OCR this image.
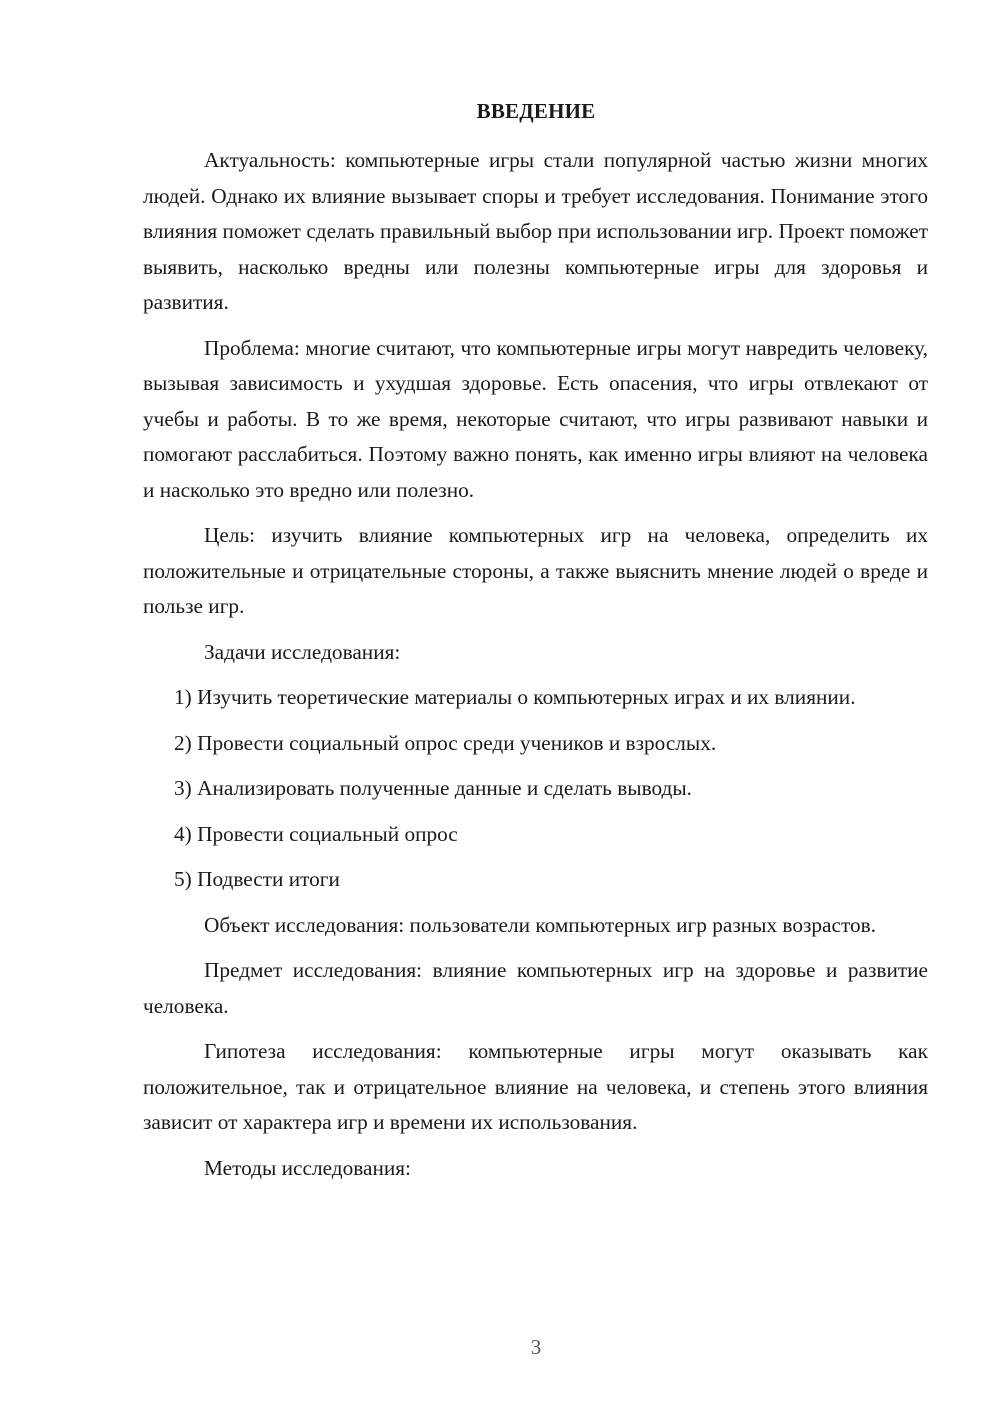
ВВЕДЕНИЕ

Актуальность: компьютерные игры стали популярной частью жизни многих людей. Однако их влияние вызывает споры и требует исследования. Понимание этого влияния поможет сделать правильный выбор при использовании игр. Проект поможет выявить, насколько вредны или полезны компьютерные игры для здоровья и развития.

Проблема: многие считают, что компьютерные игры могут навредить человеку, вызывая зависимость и ухудшая здоровье. Есть опасения, что игры отвлекают от учебы и работы. В то же время, некоторые считают, что игры развивают навыки и помогают расслабиться. Поэтому важно понять, как именно игры влияют на человека и насколько это вредно или полезно.

Цель: изучить влияние компьютерных игр на человека, определить их положительные и отрицательные стороны, а также выяснить мнение людей о вреде и пользе игр.

Задачи исследования:

1) Изучить теоретические материалы о компьютерных играх и их влиянии.

2) Провести социальный опрос среди учеников и взрослых.

3) Анализировать полученные данные и сделать выводы.

4) Провести социальный опрос

5) Подвести итоги

Объект исследования: пользователи компьютерных игр разных возрастов.

Предмет исследования: влияние компьютерных игр на здоровье и развитие человека.

Гипотеза исследования: компьютерные игры могут оказывать как положительное, так и отрицательное влияние на человека, и степень этого влияния зависит от характера игр и времени их использования.

Методы исследования:

3
